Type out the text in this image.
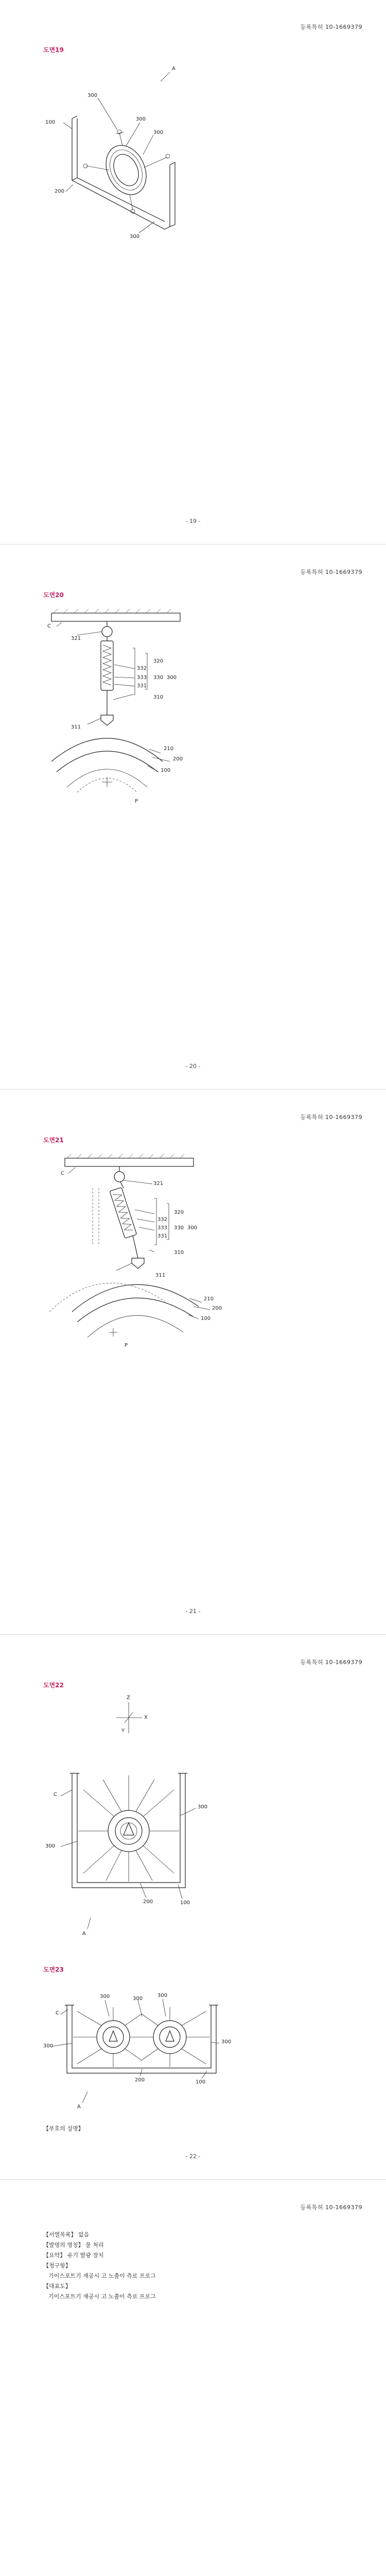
등록특허 10-1669379
도면19
A
300
300
300
100
200
300
- 19 -
등록특허 10-1669379
도면20
C
321
320
332
333 330
331
300
310
311
210
200
100
P
- 20 -
등록특허 10-1669379
도면21
C
320
332
333 330
331
300
321
310
311
210
200
100
P
- 21 -
등록특허 10-1669379
도면22
Z
X
Y
C
300
300
200	100
A
도면23
C
300	300
300
300
300
200	100
A
【부호의 설명】
- 22 -
등록특허 10-1669379
【서열목록】 없음
【발명의 명칭】 물 처리
【요약】 유기 발광 장치
【청구항】
기이스포트기 재공시 고 노출이 측로 프로그
【대표도】
기이스포트기 재공시 고 노출이 측로 프로그
